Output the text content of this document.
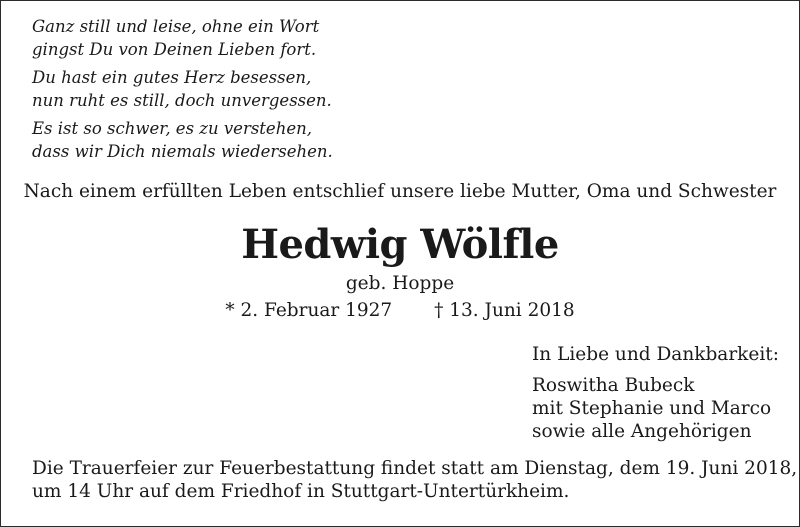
Ganz still und leise, ohne ein Wort
gingst Du von Deinen Lieben fort.
Du hast ein gutes Herz besessen,
nun ruht es still, doch unvergessen.
Es ist so schwer, es zu verstehen,
dass wir Dich niemals wiedersehen.
Nach einem erfüllten Leben entschlief unsere liebe Mutter, Oma und Schwester
Hedwig Wölfle
geb. Hoppe
* 2. Februar 1927 † 13. Juni 2018
In Liebe und Dankbarkeit:
Roswitha Bubeck
mit Stephanie und Marco
sowie alle Angehörigen
Die Trauerfeier zur Feuerbestattung findet statt am Dienstag, dem 19. Juni 2018,
um 14 Uhr auf dem Friedhof in Stuttgart-Untertürkheim.
